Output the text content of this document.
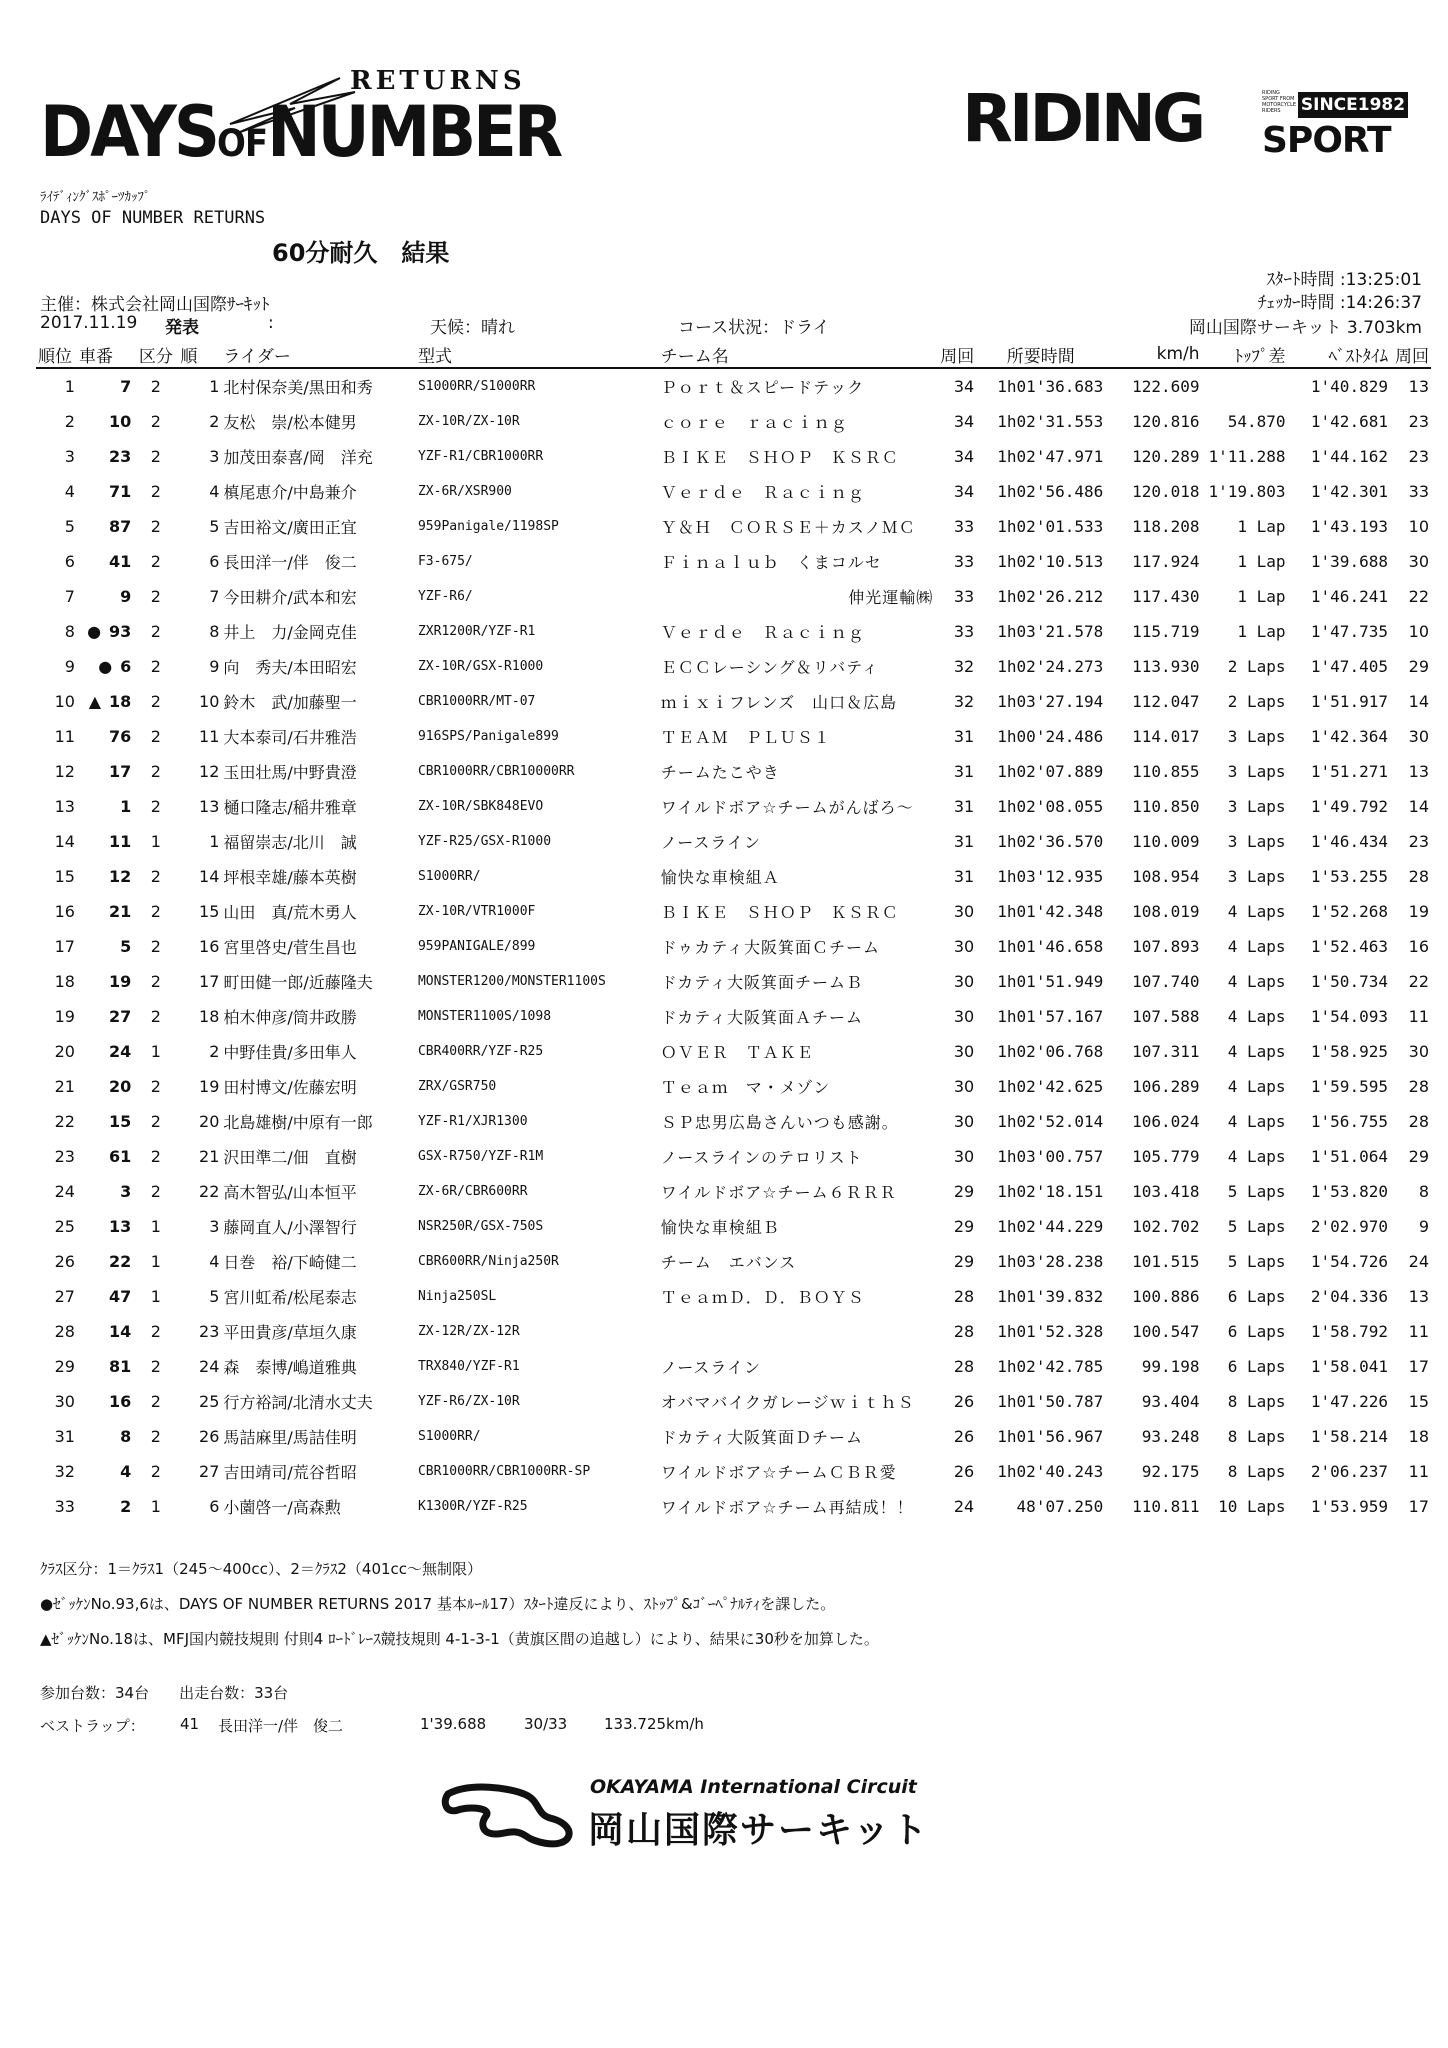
RETURNS
DAYSOFNUMBER	RIDING	RIDING SPORT FROM MOTORCYCLE RIDERS	SINCE1982
SPORT
ﾗｲﾃﾞｨﾝｸﾞｽﾎﾟｰﾂｶｯﾌﾟ
DAYS OF NUMBER RETURNS
60分耐久　結果
ｽﾀｰﾄ時間 :13:25:01
ﾁｪｯｶｰ時間 :14:26:37
主催：株式会社岡山国際ｻｰｷｯﾄ
2017.11.19 発表	:	天候：晴れ	コース状況：ドライ	岡山国際サーキット 3.703km
順位	車番	区分	順	ライダー	型式	チーム名	周回	所要時間	km/h	ﾄｯﾌﾟ差	ﾍﾞｽﾄﾀｲﾑ	周回
1	7	2	1	北村保奈美/黒田和秀	S1000RR/S1000RR	Ｐｏｒｔ＆スピードテック	34	1h01'36.683	122.609		1'40.829	13
2	10	2	2	友松　崇/松本健男	ZX-10R/ZX-10R	ｃｏｒｅ　ｒａｃｉｎｇ	34	1h02'31.553	120.816	54.870	1'42.681	23
3	23	2	3	加茂田泰喜/岡　洋充	YZF-R1/CBR1000RR	ＢＩＫＥ　ＳＨＯＰ　ＫＳＲＣ	34	1h02'47.971	120.289	1'11.288	1'44.162	23
4	71	2	4	槙尾恵介/中島兼介	ZX-6R/XSR900	Ｖｅｒｄｅ　Ｒａｃｉｎｇ	34	1h02'56.486	120.018	1'19.803	1'42.301	33
5	87	2	5	吉田裕文/廣田正宜	959Panigale/1198SP	Ｙ＆Ｈ　ＣＯＲＳＥ＋カスノＭＣ	33	1h02'01.533	118.208	1 Lap	1'43.193	10
6	41	2	6	長田洋一/伴　俊二	F3-675/	Ｆｉｎａｌｕｂ　くまコルセ	33	1h02'10.513	117.924	1 Lap	1'39.688	30
7	9	2	7	今田耕介/武本和宏	YZF-R6/	伸光運輸㈱	33	1h02'26.212	117.430	1 Lap	1'46.241	22
8	● 93	2	8	井上　力/金岡克佳	ZXR1200R/YZF-R1	Ｖｅｒｄｅ　Ｒａｃｉｎｇ	33	1h03'21.578	115.719	1 Lap	1'47.735	10
9	● 6	2	9	向　秀夫/本田昭宏	ZX-10R/GSX-R1000	ＥＣＣレーシング＆リバティ	32	1h02'24.273	113.930	2 Laps	1'47.405	29
10	▲ 18	2	10	鈴木　武/加藤聖一	CBR1000RR/MT-07	ｍｉｘｉフレンズ　山口＆広島	32	1h03'27.194	112.047	2 Laps	1'51.917	14
11	76	2	11	大本泰司/石井雅浩	916SPS/Panigale899	ＴＥＡＭ　ＰＬＵＳ１	31	1h00'24.486	114.017	3 Laps	1'42.364	30
12	17	2	12	玉田壮馬/中野貴澄	CBR1000RR/CBR10000RR	チームたこやき	31	1h02'07.889	110.855	3 Laps	1'51.271	13
13	1	2	13	樋口隆志/稲井雅章	ZX-10R/SBK848EVO	ワイルドボア☆チームがんばろ～	31	1h02'08.055	110.850	3 Laps	1'49.792	14
14	11	1	1	福留崇志/北川　誠	YZF-R25/GSX-R1000	ノースライン	31	1h02'36.570	110.009	3 Laps	1'46.434	23
15	12	2	14	坪根幸雄/藤本英樹	S1000RR/	愉快な車検組Ａ	31	1h03'12.935	108.954	3 Laps	1'53.255	28
16	21	2	15	山田　真/荒木勇人	ZX-10R/VTR1000F	ＢＩＫＥ　ＳＨＯＰ　ＫＳＲＣ	30	1h01'42.348	108.019	4 Laps	1'52.268	19
17	5	2	16	宮里啓史/菅生昌也	959PANIGALE/899	ドゥカティ大阪箕面Ｃチーム	30	1h01'46.658	107.893	4 Laps	1'52.463	16
18	19	2	17	町田健一郎/近藤隆夫	MONSTER1200/MONSTER1100S	ドカティ大阪箕面チームＢ	30	1h01'51.949	107.740	4 Laps	1'50.734	22
19	27	2	18	柏木伸彦/筒井政勝	MONSTER1100S/1098	ドカティ大阪箕面Ａチーム	30	1h01'57.167	107.588	4 Laps	1'54.093	11
20	24	1	2	中野佳貴/多田隼人	CBR400RR/YZF-R25	ＯＶＥＲ　ＴＡＫＥ	30	1h02'06.768	107.311	4 Laps	1'58.925	30
21	20	2	19	田村博文/佐藤宏明	ZRX/GSR750	Ｔｅａｍ　マ・メゾン	30	1h02'42.625	106.289	4 Laps	1'59.595	28
22	15	2	20	北島雄樹/中原有一郎	YZF-R1/XJR1300	ＳＰ忠男広島さんいつも感謝。	30	1h02'52.014	106.024	4 Laps	1'56.755	28
23	61	2	21	沢田準二/佃　直樹	GSX-R750/YZF-R1M	ノースラインのテロリスト	30	1h03'00.757	105.779	4 Laps	1'51.064	29
24	3	2	22	高木智弘/山本恒平	ZX-6R/CBR600RR	ワイルドボア☆チーム６ＲＲＲ	29	1h02'18.151	103.418	5 Laps	1'53.820	8
25	13	1	3	藤岡直人/小澤智行	NSR250R/GSX-750S	愉快な車検組Ｂ	29	1h02'44.229	102.702	5 Laps	2'02.970	9
26	22	1	4	日巻　裕/下崎健二	CBR600RR/Ninja250R	チーム　エバンス	29	1h03'28.238	101.515	5 Laps	1'54.726	24
27	47	1	5	宮川虹希/松尾泰志	Ninja250SL	ＴｅａｍＤ．Ｄ．ＢＯＹＳ	28	1h01'39.832	100.886	6 Laps	2'04.336	13
28	14	2	23	平田貴彦/草垣久康	ZX-12R/ZX-12R		28	1h01'52.328	100.547	6 Laps	1'58.792	11
29	81	2	24	森　泰博/嶋道雅典	TRX840/YZF-R1	ノースライン	28	1h02'42.785	99.198	6 Laps	1'58.041	17
30	16	2	25	行方裕詞/北清水丈夫	YZF-R6/ZX-10R	オバマバイクガレージｗｉｔｈＳ	26	1h01'50.787	93.404	8 Laps	1'47.226	15
31	8	2	26	馬詰麻里/馬詰佳明	S1000RR/	ドカティ大阪箕面Ｄチーム	26	1h01'56.967	93.248	8 Laps	1'58.214	18
32	4	2	27	吉田靖司/荒谷哲昭	CBR1000RR/CBR1000RR-SP	ワイルドボア☆チームＣＢＲ愛	26	1h02'40.243	92.175	8 Laps	2'06.237	11
33	2	1	6	小薗啓一/高森勲	K1300R/YZF-R25	ワイルドボア☆チーム再結成！！	24	48'07.250	110.811	10 Laps	1'53.959	17
ｸﾗｽ区分：1＝ｸﾗｽ1（245～400cc）、2＝ｸﾗｽ2（401cc～無制限）
●ｾﾞｯｹﾝNo.93,6は、DAYS OF NUMBER RETURNS 2017 基本ﾙｰﾙ17）ｽﾀｰﾄ違反により、ｽﾄｯﾌﾟ&ｺﾞｰﾍﾟﾅﾙﾃｨを課した。
▲ｾﾞｯｹﾝNo.18は、MFJ国内競技規則 付則4 ﾛｰﾄﾞﾚｰｽ競技規則 4-1-3-1（黄旗区間の追越し）により、結果に30秒を加算した。
参加台数：34台　　出走台数：33台
ベストラップ： 41 長田洋一/伴　俊二	1'39.688	30/33 133.725km/h
OKAYAMA International Circuit
岡山国際サーキット
